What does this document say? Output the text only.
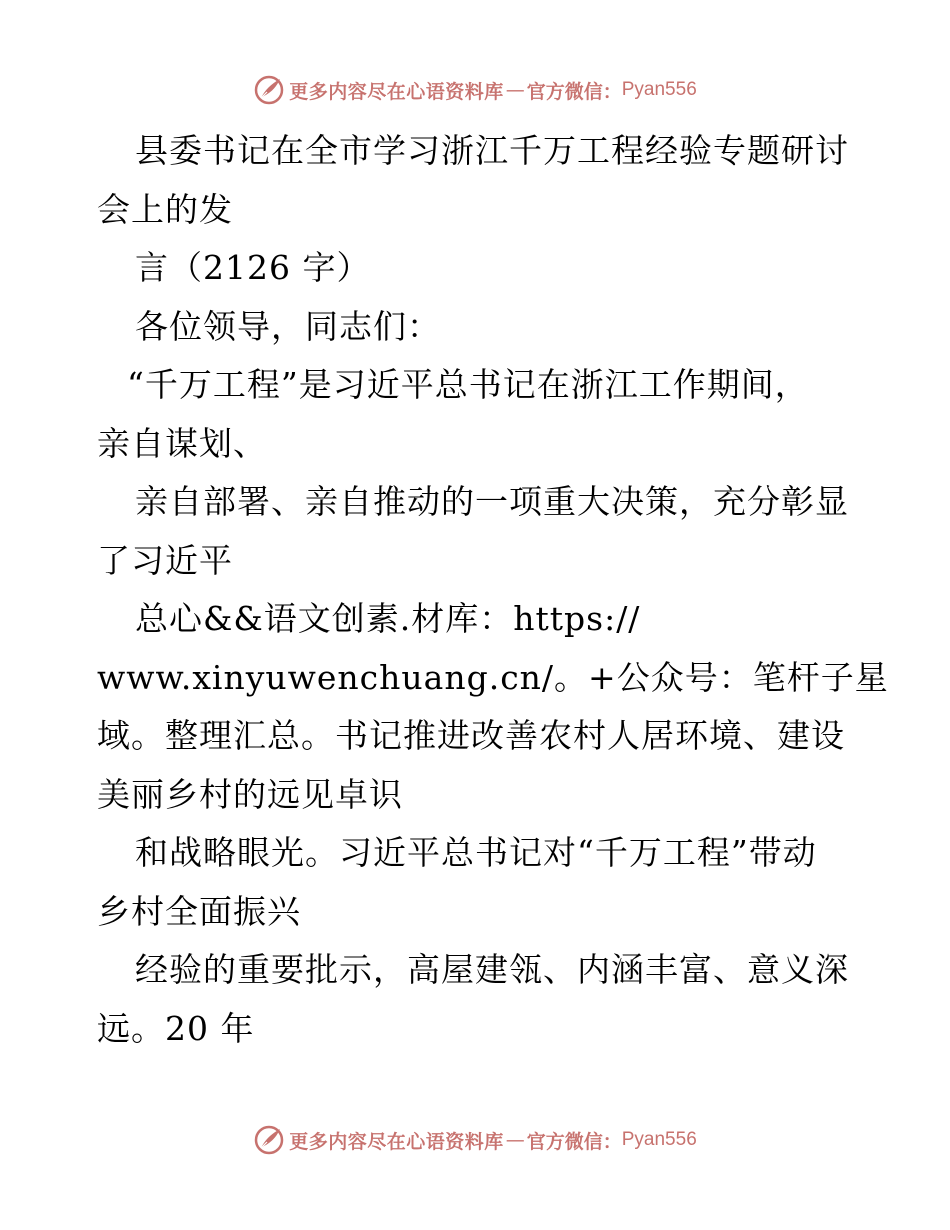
更多内容尽在心语资料库 — 官方微信： Pyan556
县委书记在全市学习浙江千万工程经验专题研讨
会上的发
言（2126 字）
各位领导，同志们：
“千万工程”是习近平总书记在浙江工作期间，
亲自谋划、
亲自部署、亲自推动的一项重大决策，充分彰显
了习近平
总心&&语文创素.材库：https://
www.xinyuwenchuang.cn/。+公众号：笔杆子星
域。整理汇总。书记推进改善农村人居环境、建设
美丽乡村的远见卓识
和战略眼光。习近平总书记对“千万工程”带动
乡村全面振兴
经验的重要批示，高屋建瓴、内涵丰富、意义深
远。20 年
更多内容尽在心语资料库 — 官方微信： Pyan556
